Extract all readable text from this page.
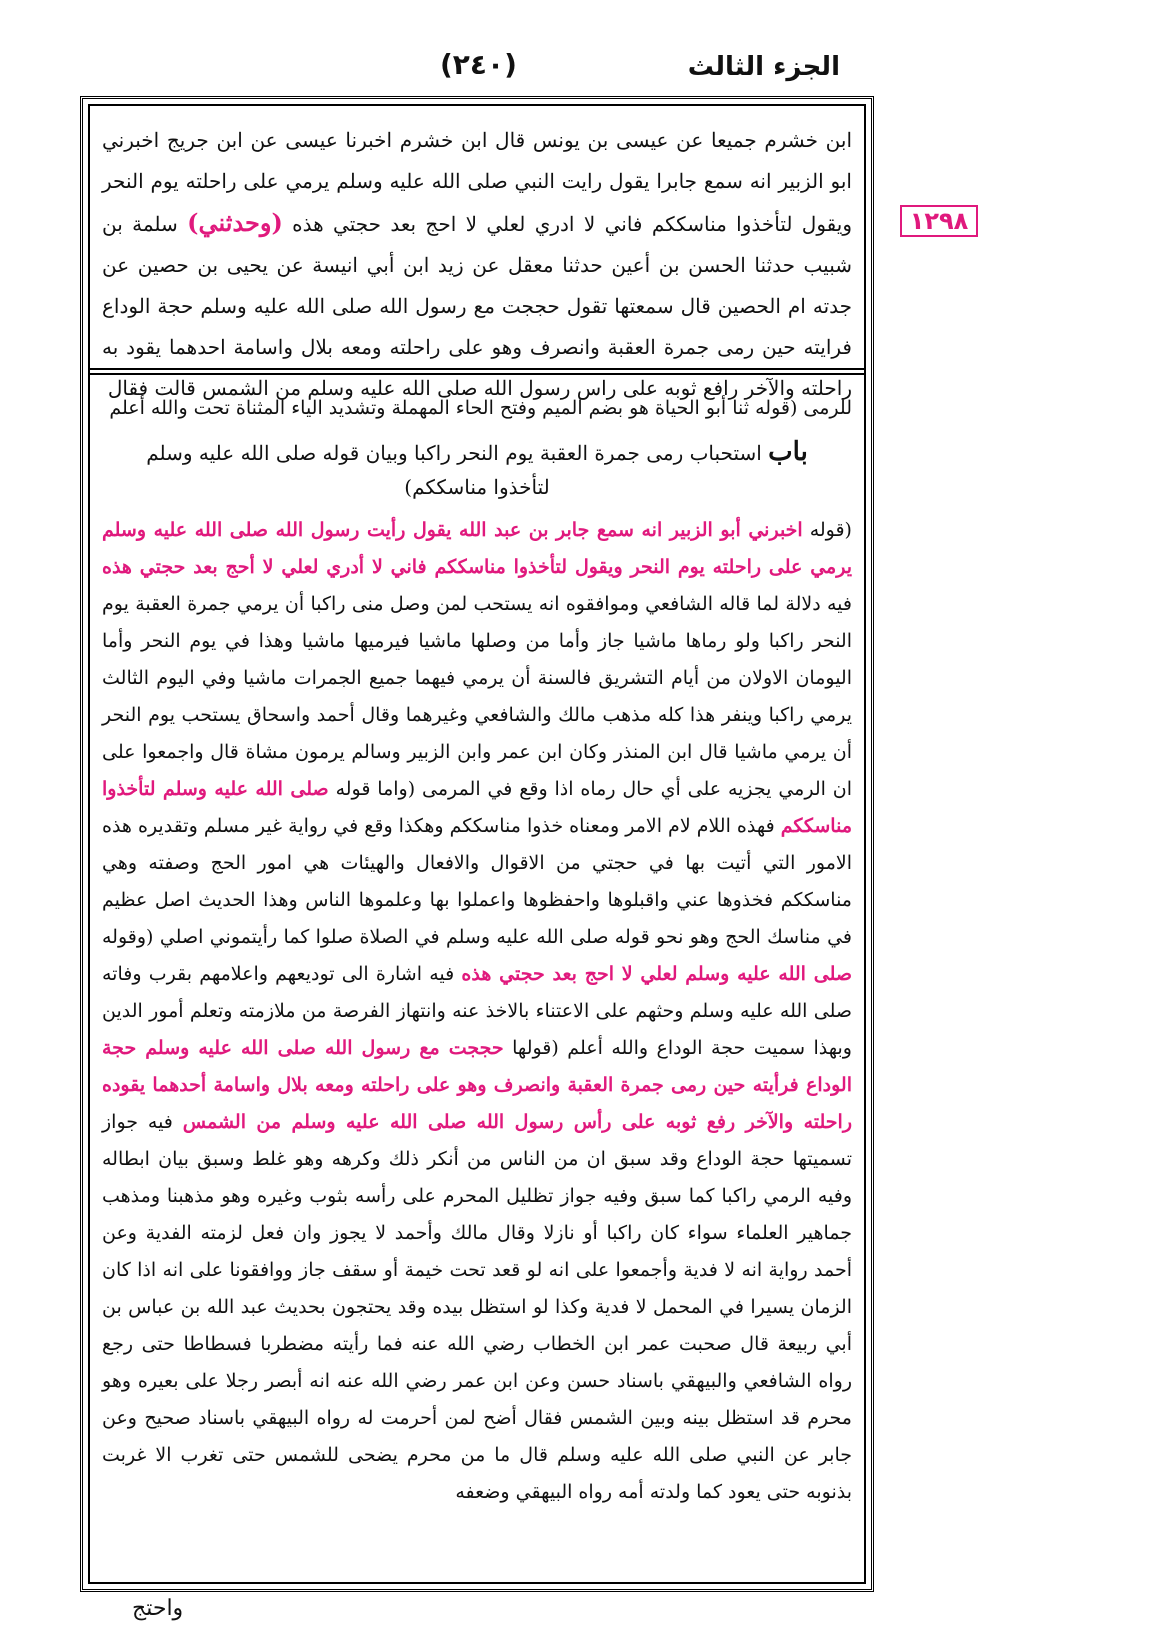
الجزء الثالث
(٢٤٠)
١٢٩٨
ابن خشرم جميعا عن عيسى بن يونس قال ابن خشرم اخبرنا عيسى عن ابن جريج اخبرني ابو الزبير انه سمع جابرا يقول رايت النبي صلى الله عليه وسلم يرمي على راحلته يوم النحر ويقول لتأخذوا مناسككم فاني لا ادري لعلي لا احج بعد حجتي هذه (وحدثني) سلمة بن شبيب حدثنا الحسن بن أعين حدثنا معقل عن زيد ابن أبي انيسة عن يحيى بن حصين عن جدته ام الحصين قال سمعتها تقول حججت مع رسول الله صلى الله عليه وسلم حجة الوداع فرايته حين رمى جمرة العقبة وانصرف وهو على راحلته ومعه بلال واسامة احدهما يقود به راحلته والآخر رافع ثوبه على راس رسول الله صلى الله عليه وسلم من الشمس قالت فقال
للرمى (قوله ثنا أبو الحياة هو بضم الميم وفتح الحاء المهملة وتشديد الياء المثناة تحت والله أعلم
باب استحباب رمى جمرة العقبة يوم النحر راكبا وبيان قوله صلى الله عليه وسلم لتأخذوا مناسككم)
(قوله اخبرني أبو الزبير انه سمع جابر بن عبد الله يقول رأيت رسول الله صلى الله عليه وسلم يرمي على راحلته يوم النحر ويقول لتأخذوا مناسككم فاني لا أدري لعلي لا أحج بعد حجتي هذه فيه دلالة لما قاله الشافعي وموافقوه انه يستحب لمن وصل منى راكبا أن يرمي جمرة العقبة يوم النحر راكبا ولو رماها ماشيا جاز وأما من وصلها ماشيا فيرميها ماشيا وهذا في يوم النحر وأما اليومان الاولان من أيام التشريق فالسنة أن يرمي فيهما جميع الجمرات ماشيا وفي اليوم الثالث يرمي راكبا وينفر هذا كله مذهب مالك والشافعي وغيرهما وقال أحمد واسحاق يستحب يوم النحر أن يرمي ماشيا قال ابن المنذر وكان ابن عمر وابن الزبير وسالم يرمون مشاة قال واجمعوا على ان الرمي يجزيه على أي حال رماه اذا وقع في المرمى (واما قوله صلى الله عليه وسلم لتأخذوا مناسككم فهذه اللام لام الامر ومعناه خذوا مناسككم وهكذا وقع في رواية غير مسلم وتقديره هذه الامور التي أتيت بها في حجتي من الاقوال والافعال والهيئات هي امور الحج وصفته وهي مناسككم فخذوها عني واقبلوها واحفظوها واعملوا بها وعلموها الناس وهذا الحديث اصل عظيم في مناسك الحج وهو نحو قوله صلى الله عليه وسلم في الصلاة صلوا كما رأيتموني اصلي (وقوله صلى الله عليه وسلم لعلي لا احج بعد حجتي هذه فيه اشارة الى توديعهم واعلامهم بقرب وفاته صلى الله عليه وسلم وحثهم على الاعتناء بالاخذ عنه وانتهاز الفرصة من ملازمته وتعلم أمور الدين وبهذا سميت حجة الوداع والله أعلم (قولها حججت مع رسول الله صلى الله عليه وسلم حجة الوداع فرأيته حين رمى جمرة العقبة وانصرف وهو على راحلته ومعه بلال واسامة أحدهما يقوده راحلته والآخر رفع ثوبه على رأس رسول الله صلى الله عليه وسلم من الشمس فيه جواز تسميتها حجة الوداع وقد سبق ان من الناس من أنكر ذلك وكرهه وهو غلط وسبق بيان ابطاله وفيه الرمي راكبا كما سبق وفيه جواز تظليل المحرم على رأسه بثوب وغيره وهو مذهبنا ومذهب جماهير العلماء سواء كان راكبا أو نازلا وقال مالك وأحمد لا يجوز وان فعل لزمته الفدية وعن أحمد رواية انه لا فدية وأجمعوا على انه لو قعد تحت خيمة أو سقف جاز ووافقونا على انه اذا كان الزمان يسيرا في المحمل لا فدية وكذا لو استظل بيده وقد يحتجون بحديث عبد الله بن عباس بن أبي ربيعة قال صحبت عمر ابن الخطاب رضي الله عنه فما رأيته مضطربا فسطاطا حتى رجع رواه الشافعي والبيهقي باسناد حسن وعن ابن عمر رضي الله عنه انه أبصر رجلا على بعيره وهو محرم قد استظل بينه وبين الشمس فقال أضح لمن أحرمت له رواه البيهقي باسناد صحيح وعن جابر عن النبي صلى الله عليه وسلم قال ما من محرم يضحى للشمس حتى تغرب الا غربت بذنوبه حتى يعود كما ولدته أمه رواه البيهقي وضعفه
واحتج
